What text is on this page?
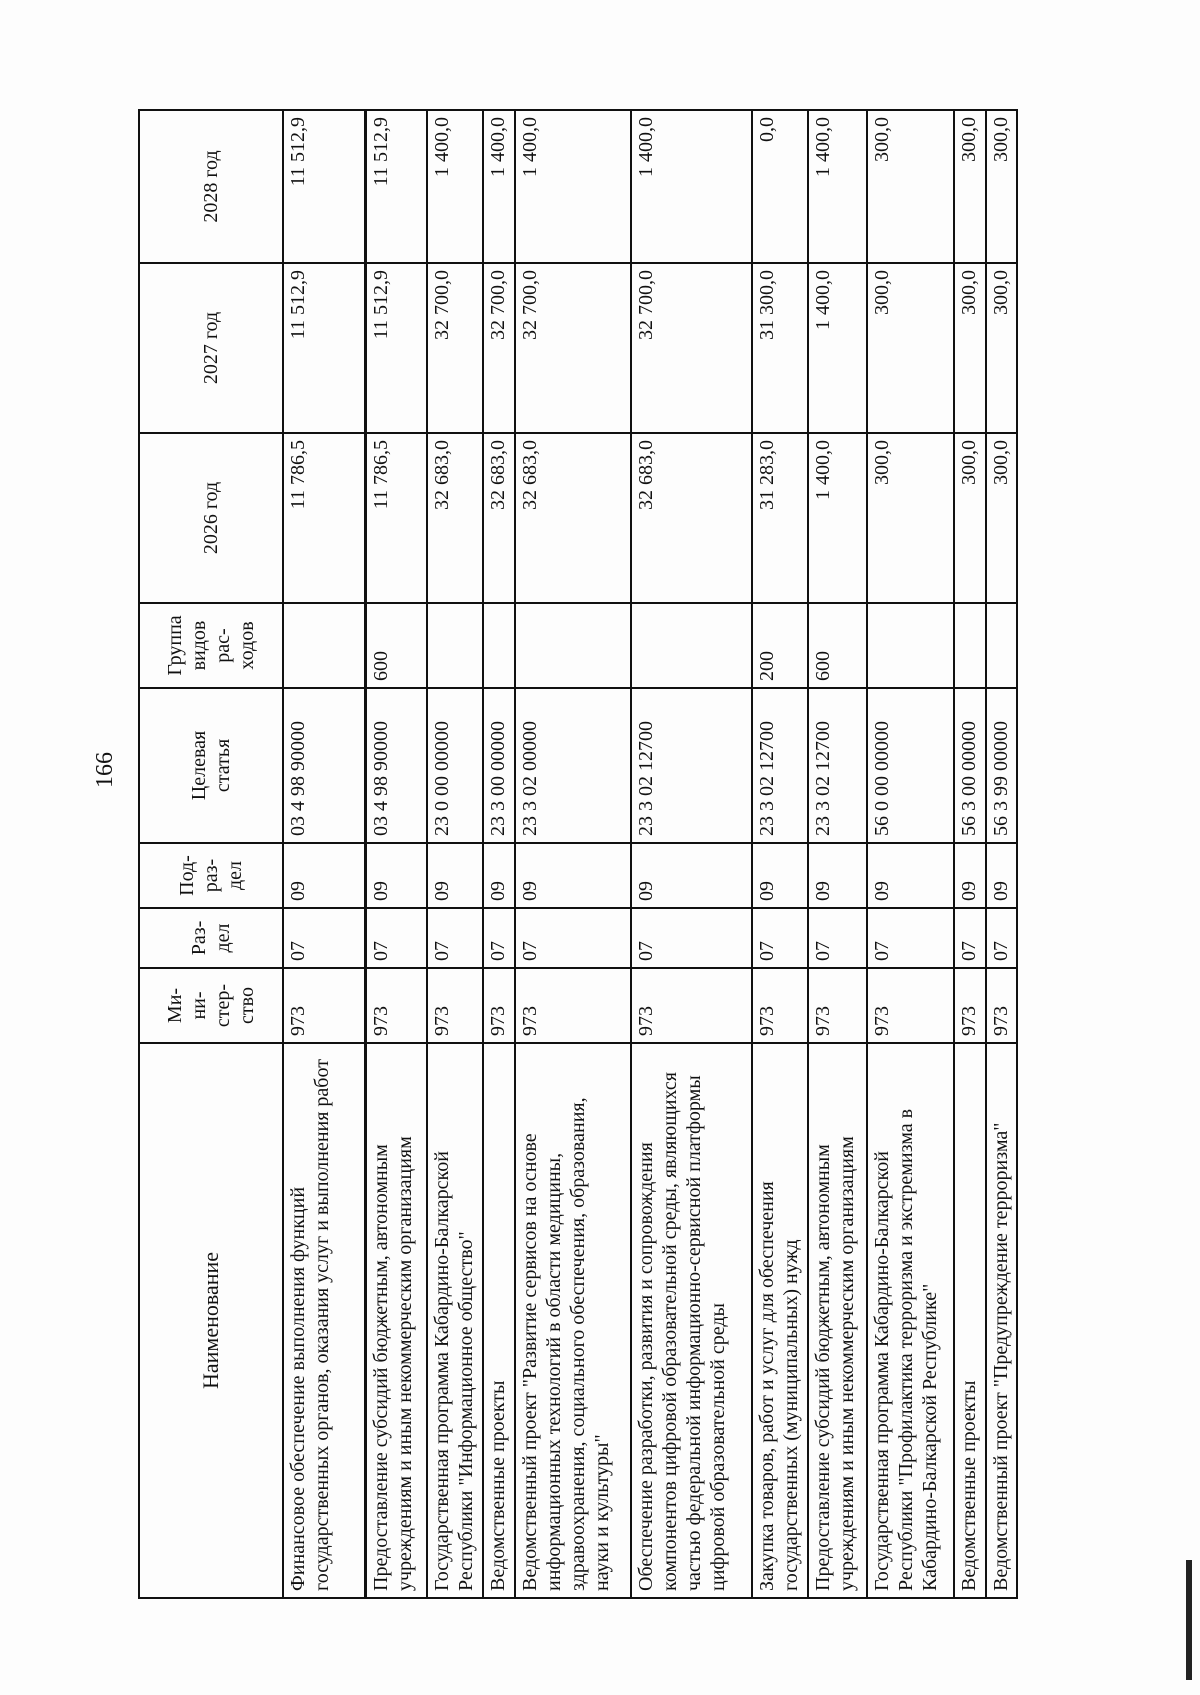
166
Наименование	Ми-
ни-
стер-
ство	Раз-
дел	Под-
раз-
дел	Целевая
статья	Группа
видов
рас-
ходов	2026 год	2027 год	2028 год
Финансовое обеспечение выполнения функций государственных органов, оказания услуг и выполнения работ	973	07	09	03 4 98 90000		11 786,5	11 512,9	11 512,9
Предоставление субсидий бюджетным, автономным учреждениям и иным некоммерческим организациям	973	07	09	03 4 98 90000	600	11 786,5	11 512,9	11 512,9
Государственная программа Кабардино-Балкарской Республики "Информационное общество"	973	07	09	23 0 00 00000		32 683,0	32 700,0	1 400,0
Ведомственные проекты	973	07	09	23 3 00 00000		32 683,0	32 700,0	1 400,0
Ведомственный проект "Развитие сервисов на основе информационных технологий в области медицины, здравоохранения, социального обеспечения, образования, науки и культуры"	973	07	09	23 3 02 00000		32 683,0	32 700,0	1 400,0
Обеспечение разработки, развития и сопровождения компонентов цифровой образовательной среды, являющихся частью федеральной информационно-сервисной платформы цифровой образовательной среды	973	07	09	23 3 02 12700		32 683,0	32 700,0	1 400,0
Закупка товаров, работ и услуг для обеспечения государственных (муниципальных) нужд	973	07	09	23 3 02 12700	200	31 283,0	31 300,0	0,0
Предоставление субсидий бюджетным, автономным учреждениям и иным некоммерческим организациям	973	07	09	23 3 02 12700	600	1 400,0	1 400,0	1 400,0
Государственная программа Кабардино-Балкарской Республики "Профилактика терроризма и экстремизма в Кабардино-Балкарской Республике"	973	07	09	56 0 00 00000		300,0	300,0	300,0
Ведомственные проекты	973	07	09	56 3 00 00000		300,0	300,0	300,0
Ведомственный проект "Предупреждение терроризма"	973	07	09	56 3 99 00000		300,0	300,0	300,0
